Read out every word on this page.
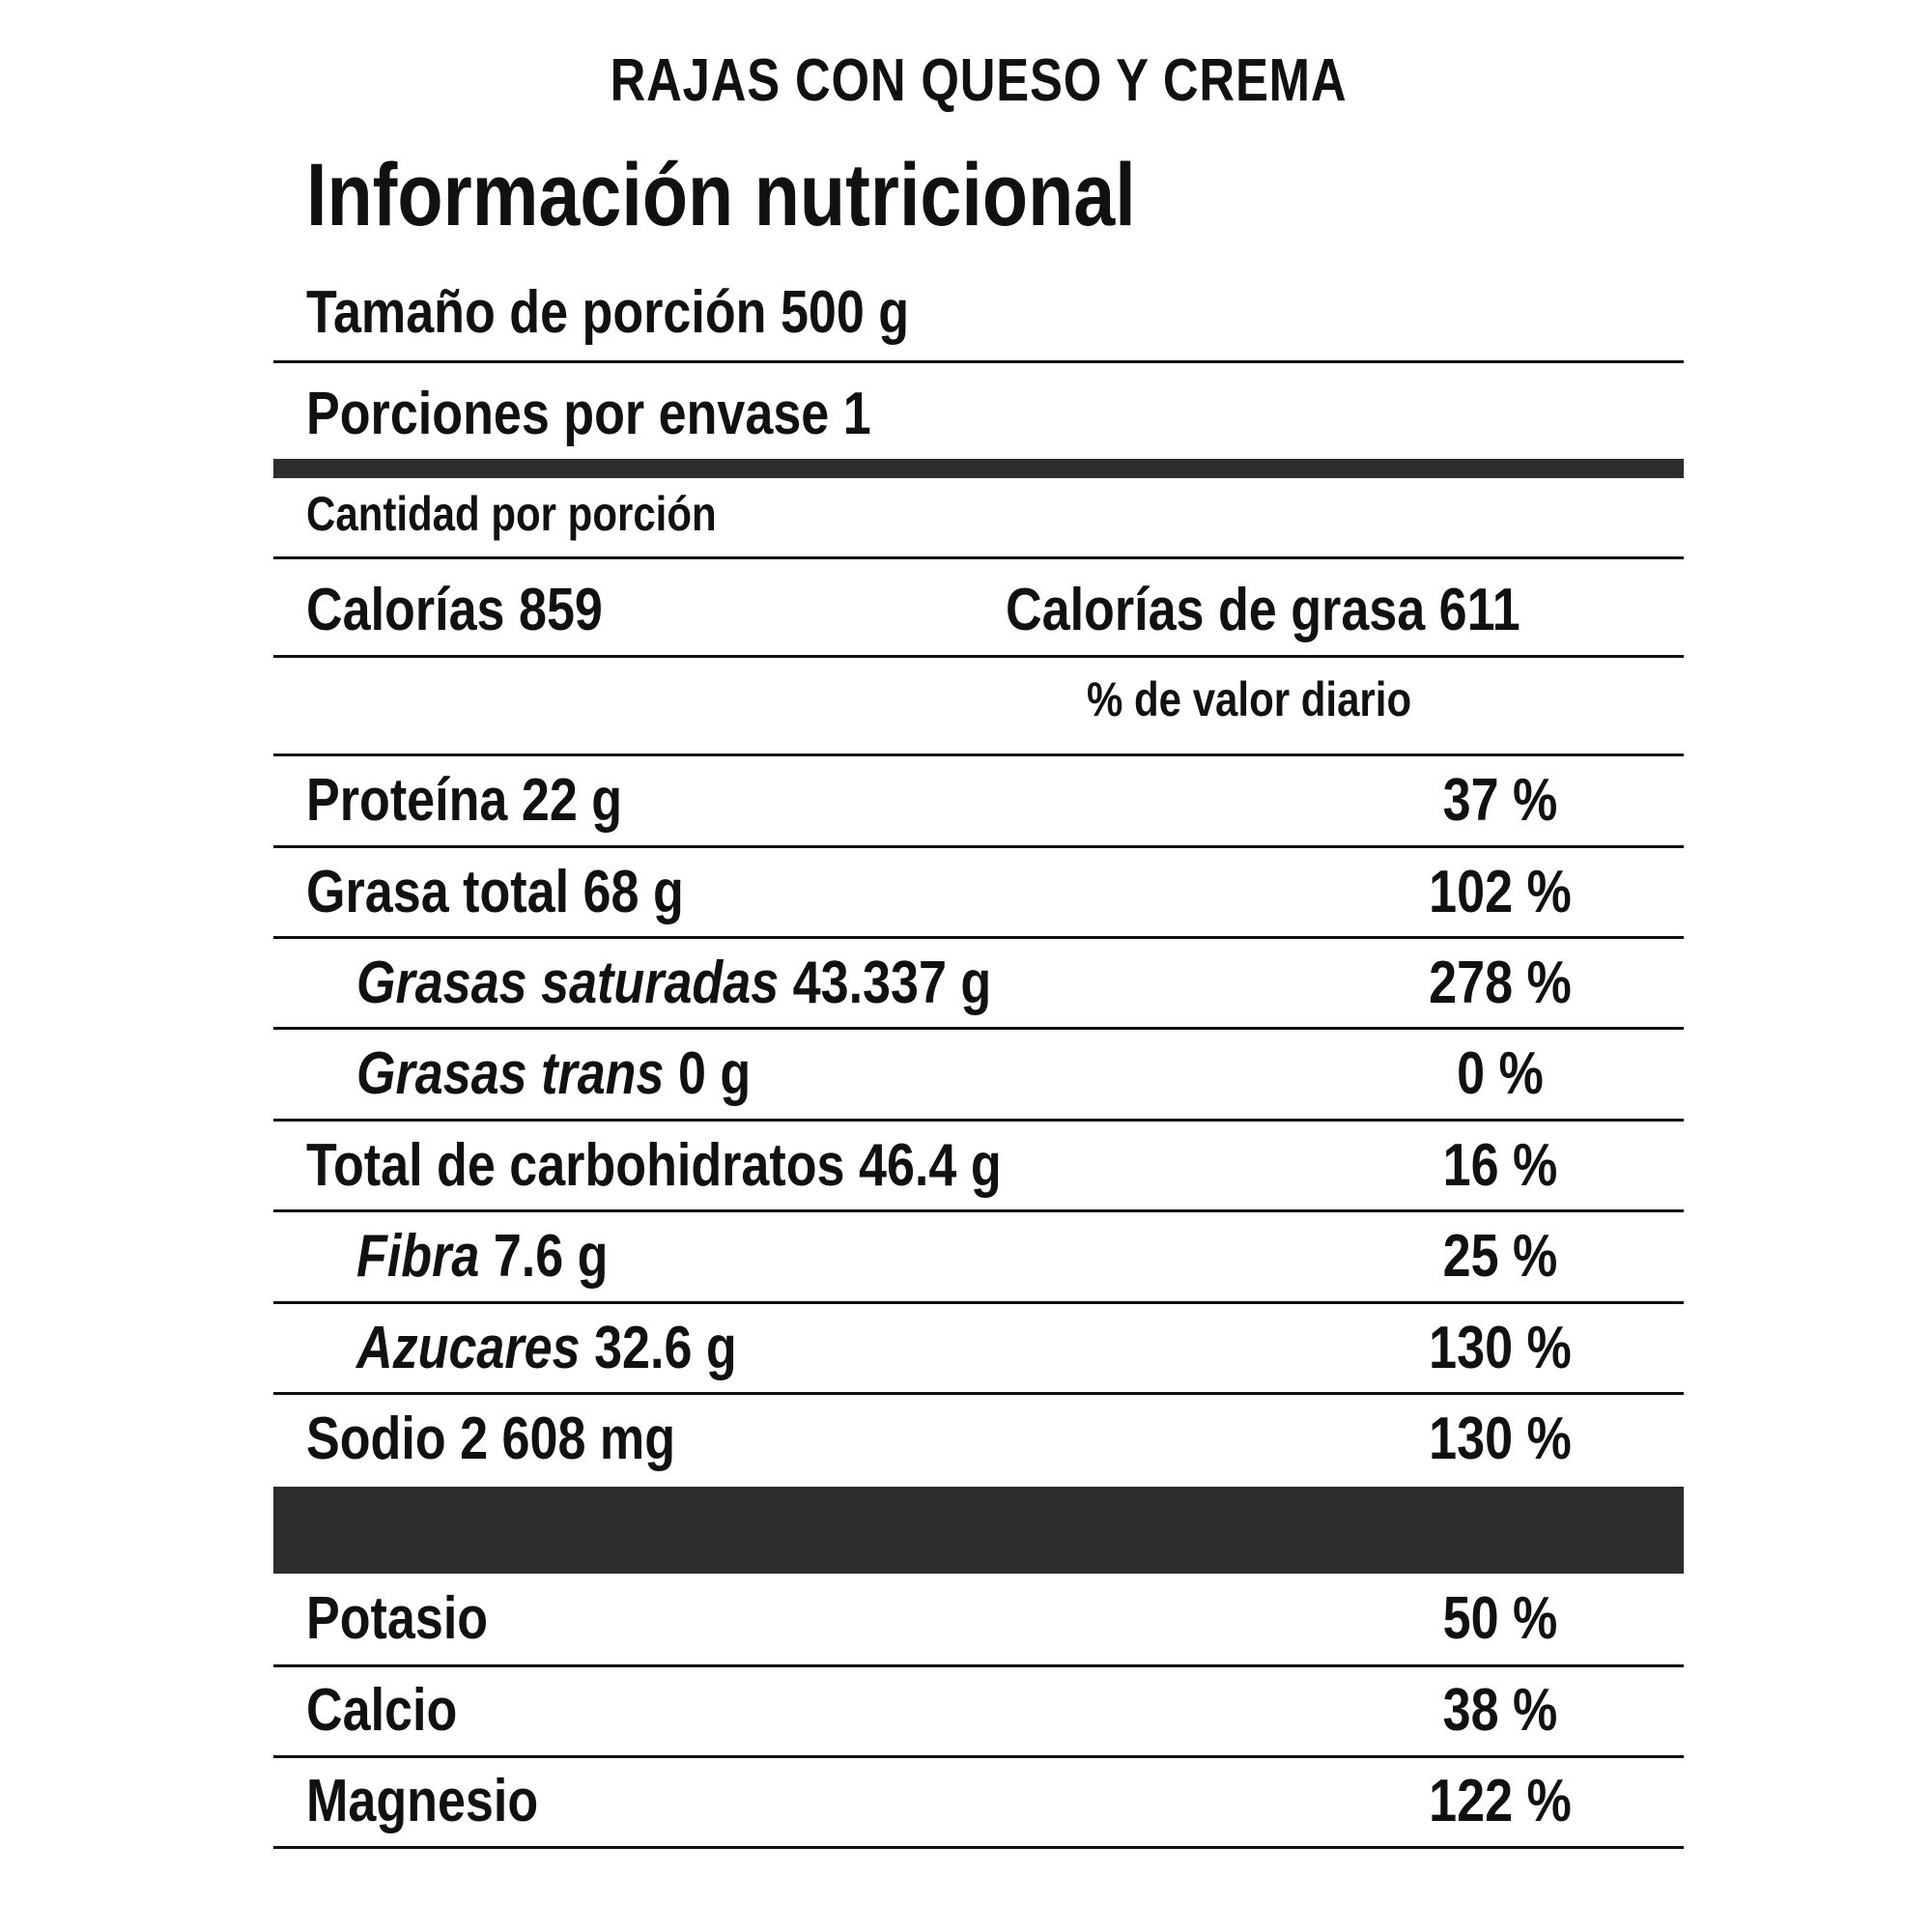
RAJAS CON QUESO Y CREMA
Información nutricional
Tamaño de porción 500 g
Porciones por envase 1
Cantidad por porción
Calorías 859	Calorías de grasa 611
% de valor diario
Proteína 22 g	37 %
Grasa total 68 g	102 %
Grasas saturadas 43.337 g	278 %
Grasas trans 0 g	0 %
Total de carbohidratos 46.4 g	16 %
Fibra 7.6 g	25 %
Azucares 32.6 g	130 %
Sodio 2 608 mg	130 %
Potasio	50 %
Calcio	38 %
Magnesio	122 %
